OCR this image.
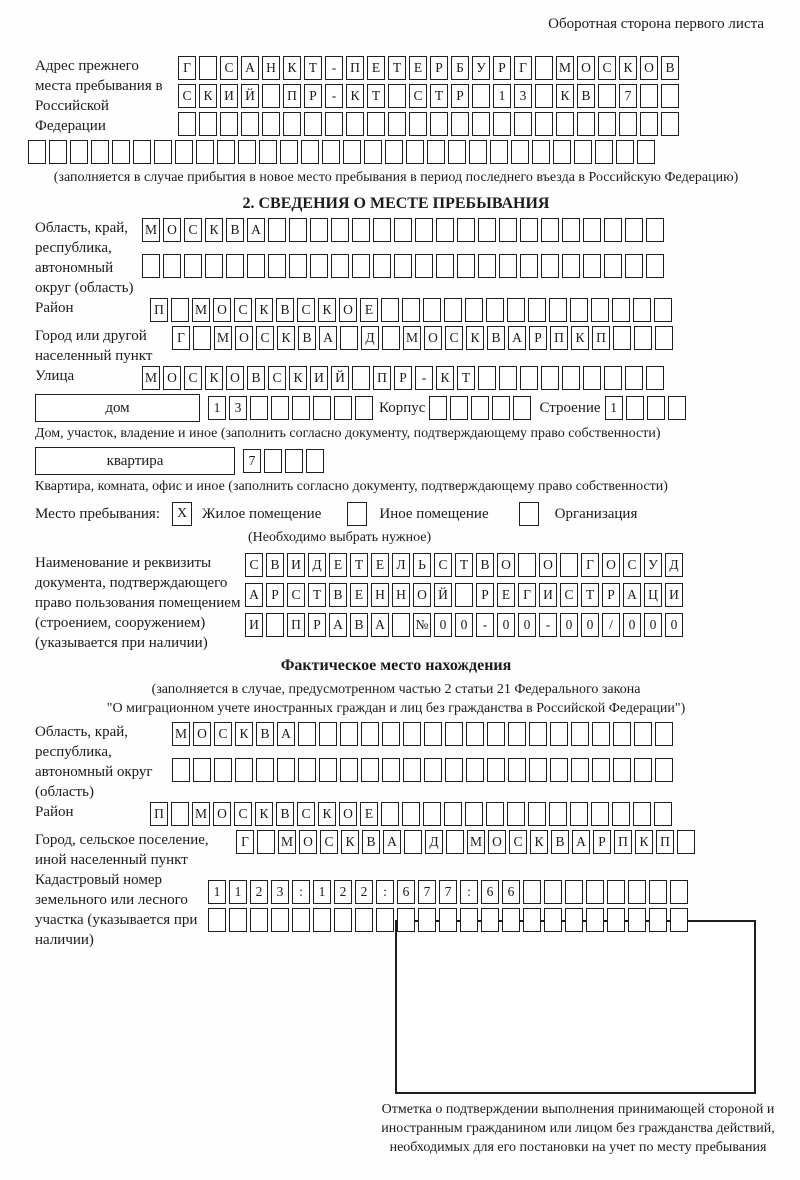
Оборотная сторона первого листа
Адрес прежнего места пребывания в Российской Федерации
Г	С А Н К Т	-	П Е Т Е Р Б У Р Г	М О С К О В
С К И Й	П Р	-	К Т	С Т Р	1	3	К В	7
(заполняется в случае прибытия в новое место пребывания в период последнего въезда в Российскую Федерацию)
2. СВЕДЕНИЯ О МЕСТЕ ПРЕБЫВАНИЯ
Область, край, республика, автономный округ (область)
М О С К В А
Район	П	М О С К В С К О Е
Город или другой населенный пункт
Г	М О С К В А	Д	М О С К В А Р П К П
Улица	М О С К О В С К И Й	П Р	-	К Т
дом	1	3	Корпус	Строение 1
Дом, участок, владение и иное (заполнить согласно документу, подтверждающему право собственности)
квартира	7
Квартира, комната, офис и иное (заполнить согласно документу, подтверждающему право собственности)
Место пребывания:	X Жилое помещение	Иное помещение	Организация
(Необходимо выбрать нужное)
Наименование и реквизиты документа, подтверждающего право пользования помещением (строением, сооружением) (указывается при наличии)
С В И Д Е Т Е Л Ь С Т В О	О	Г О С У Д
А Р С Т В Е Н Н О Й	Р Е Г И С Т Р А Ц И
И	П Р А В А	№ 0	0	-	0	0	-	0	0	/	0	0	0
Фактическое место нахождения
(заполняется в случае, предусмотренном частью 2 статьи 21 Федерального закона
"О миграционном учете иностранных граждан и лиц без гражданства в Российской Федерации")
Область, край, республика, автономный округ (область)
М О С К В А
Район	П	М О С К В С К О Е
Город, сельское поселение, иной населенный пункт
Г	М О С К В А	Д	М О С К В А Р П К П
Кадастровый номер земельного или лесного участка (указывается при наличии)
1	1	2	3	:	1	2	2	:	6	7	7	:	6	6
Отметка о подтверждении выполнения принимающей стороной и иностранным гражданином или лицом без гражданства действий, необходимых для его постановки на учет по месту пребывания
